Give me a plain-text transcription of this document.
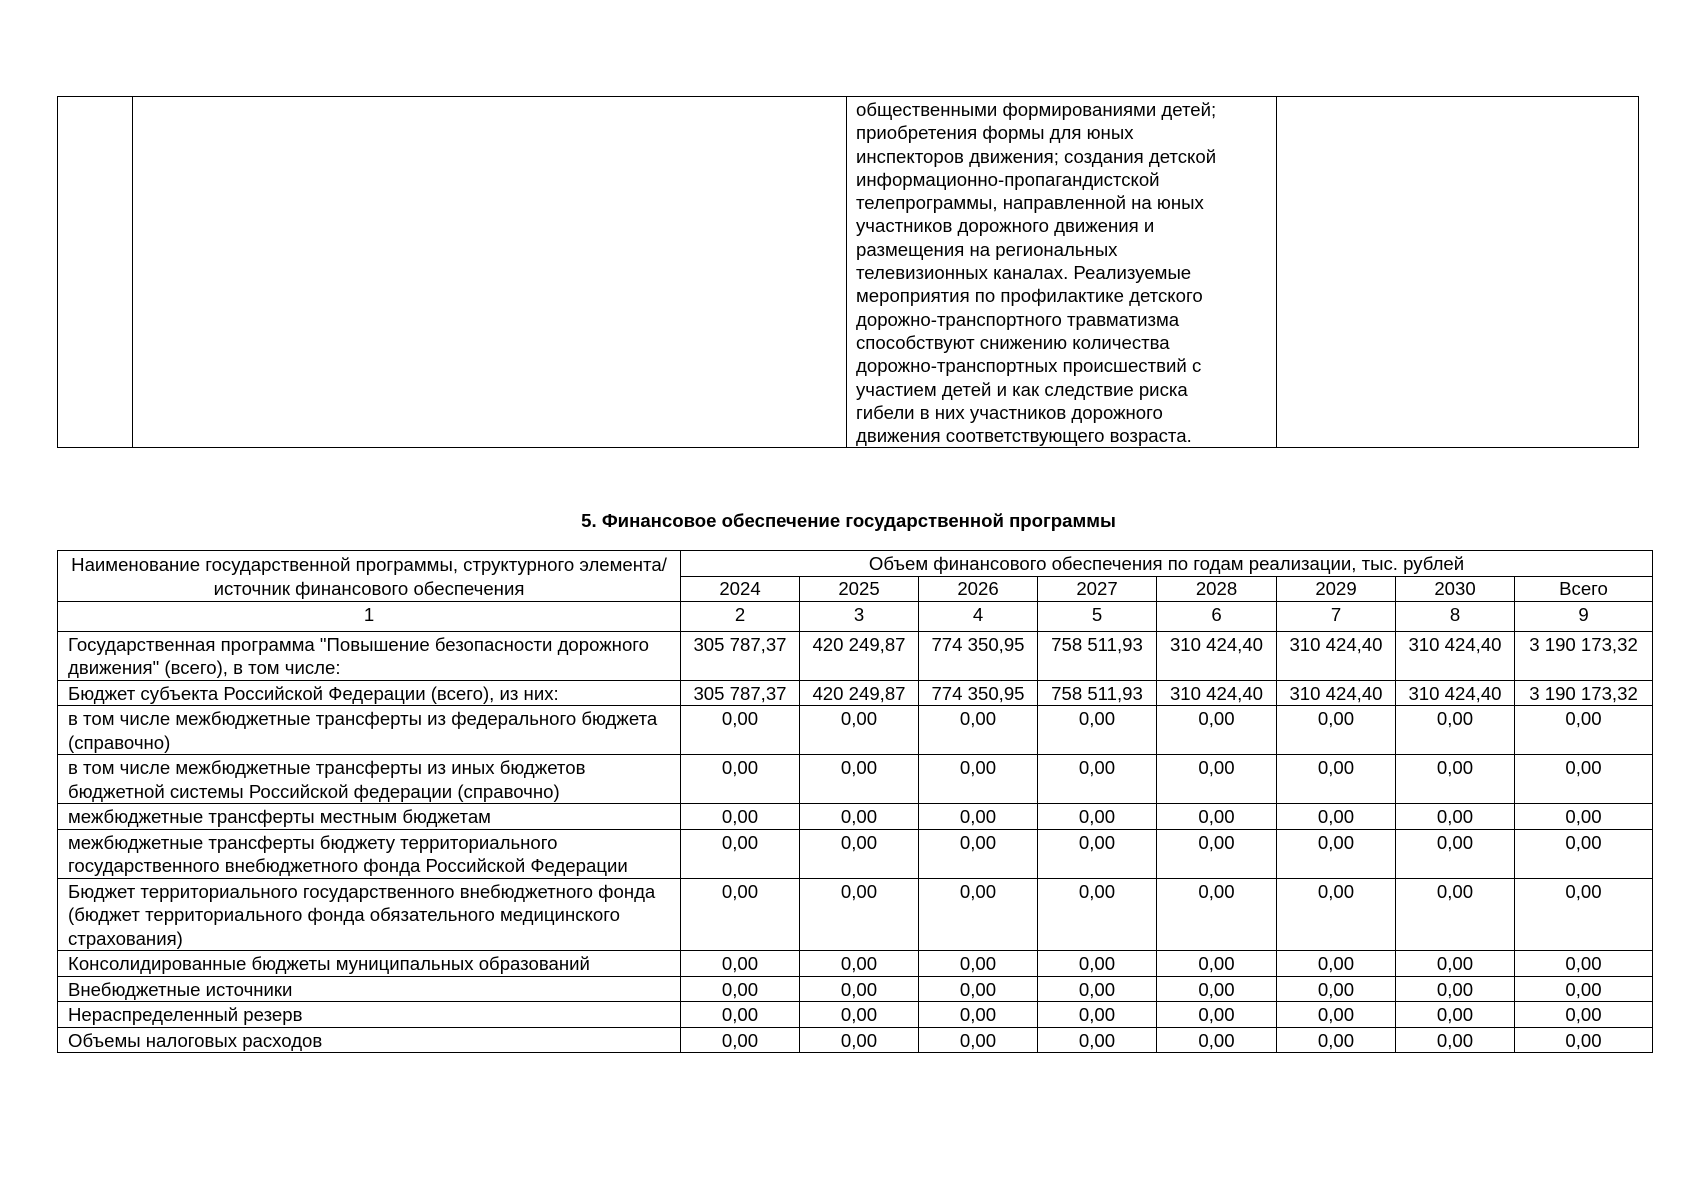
общественными формированиями детей;
приобретения формы для юных
инспекторов движения; создания детской
информационно-пропагандистской
телепрограммы, направленной на юных
участников дорожного движения и
размещения на региональных
телевизионных каналах. Реализуемые
мероприятия по профилактике детского
дорожно-транспортного травматизма
способствуют снижению количества
дорожно-транспортных происшествий с
участием детей и как следствие риска
гибели в них участников дорожного
движения соответствующего возраста.

5. Финансовое обеспечение государственной программы
Наименование государственной программы, структурного элемента/источник финансового обеспечения	Объем финансового обеспечения по годам реализации, тыс. рублей							
	2024	2025	2026	2027	2028	2029	2030	Всего
1	2	3	4	5	6	7	8	9
Государственная программа "Повышение безопасности дорожного движения" (всего), в том числе:	305 787,37	420 249,87	774 350,95	758 511,93	310 424,40	310 424,40	310 424,40	3 190 173,32
Бюджет субъекта Российской Федерации (всего), из них:	305 787,37	420 249,87	774 350,95	758 511,93	310 424,40	310 424,40	310 424,40	3 190 173,32
в том числе межбюджетные трансферты из федерального бюджета (справочно)	0,00	0,00	0,00	0,00	0,00	0,00	0,00	0,00
в том числе межбюджетные трансферты из иных бюджетов бюджетной системы Российской федерации (справочно)	0,00	0,00	0,00	0,00	0,00	0,00	0,00	0,00
межбюджетные трансферты местным бюджетам	0,00	0,00	0,00	0,00	0,00	0,00	0,00	0,00
межбюджетные трансферты бюджету территориального государственного внебюджетного фонда Российской Федерации	0,00	0,00	0,00	0,00	0,00	0,00	0,00	0,00
Бюджет территориального государственного внебюджетного фонда (бюджет территориального фонда обязательного медицинского страхования)	0,00	0,00	0,00	0,00	0,00	0,00	0,00	0,00
Консолидированные бюджеты муниципальных образований	0,00	0,00	0,00	0,00	0,00	0,00	0,00	0,00
Внебюджетные источники	0,00	0,00	0,00	0,00	0,00	0,00	0,00	0,00
Нераспределенный резерв	0,00	0,00	0,00	0,00	0,00	0,00	0,00	0,00
Объемы налоговых расходов	0,00	0,00	0,00	0,00	0,00	0,00	0,00	0,00
